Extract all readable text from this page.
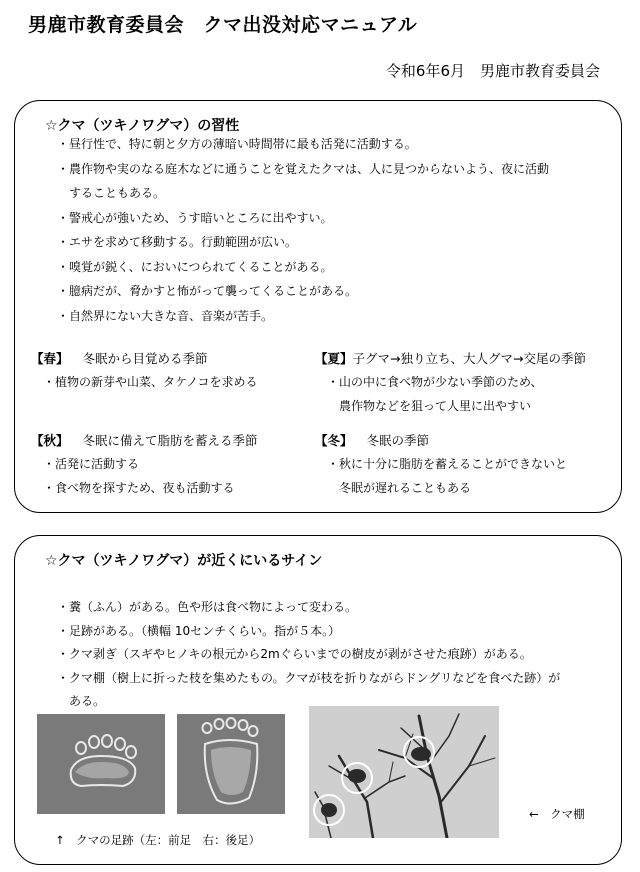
男鹿市教育委員会　クマ出没対応マニュアル
令和6年6月　男鹿市教育委員会
☆クマ（ツキノワグマ）の習性
・昼行性で、特に朝と夕方の薄暗い時間帯に最も活発に活動する。
・農作物や実のなる庭木などに通うことを覚えたクマは、人に見つからないよう、夜に活動
　することもある。
・警戒心が強いため、うす暗いところに出やすい。
・エサを求めて移動する。行動範囲が広い。
・嗅覚が鋭く、においにつられてくることがある。
・臆病だが、脅かすと怖がって襲ってくることがある。
・自然界にない大きな音、音楽が苦手。
【春】 冬眠から目覚める季節
・植物の新芽や山菜、タケノコを求める
【夏】子グマ→独り立ち、大人グマ→交尾の季節
・山の中に食べ物が少ない季節のため、
　農作物などを狙って人里に出やすい
【秋】 冬眠に備えて脂肪を蓄える季節
・活発に活動する
・食べ物を探すため、夜も活動する
【冬】 冬眠の季節
・秋に十分に脂肪を蓄えることができないと
　冬眠が遅れることもある
☆クマ（ツキノワグマ）が近くにいるサイン
・糞（ふん）がある。色や形は食べ物によって変わる。
・足跡がある。（横幅 10センチくらい。指が５本。）
・クマ剥ぎ（スギやヒノキの根元から2mぐらいまでの樹皮が剥がさせた痕跡）がある。
・クマ棚（樹上に折った枝を集めたもの。クマが枝を折りながらドングリなどを食べた跡）が
　ある。
↑　クマの足跡（左：前足　右：後足）
←　クマ棚
